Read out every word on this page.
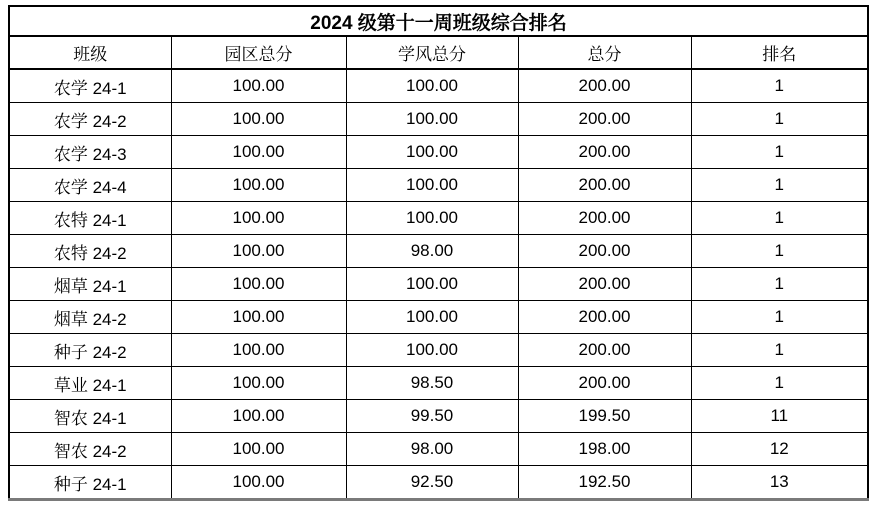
2024 级第十一周班级综合排名				
班级	园区总分	学风总分	总分	排名
农学 24-1	100.00	100.00	200.00	1
农学 24-2	100.00	100.00	200.00	1
农学 24-3	100.00	100.00	200.00	1
农学 24-4	100.00	100.00	200.00	1
农特 24-1	100.00	100.00	200.00	1
农特 24-2	100.00	98.00	200.00	1
烟草 24-1	100.00	100.00	200.00	1
烟草 24-2	100.00	100.00	200.00	1
种子 24-2	100.00	100.00	200.00	1
草业 24-1	100.00	98.50	200.00	1
智农 24-1	100.00	99.50	199.50	11
智农 24-2	100.00	98.00	198.00	12
种子 24-1	100.00	92.50	192.50	13
